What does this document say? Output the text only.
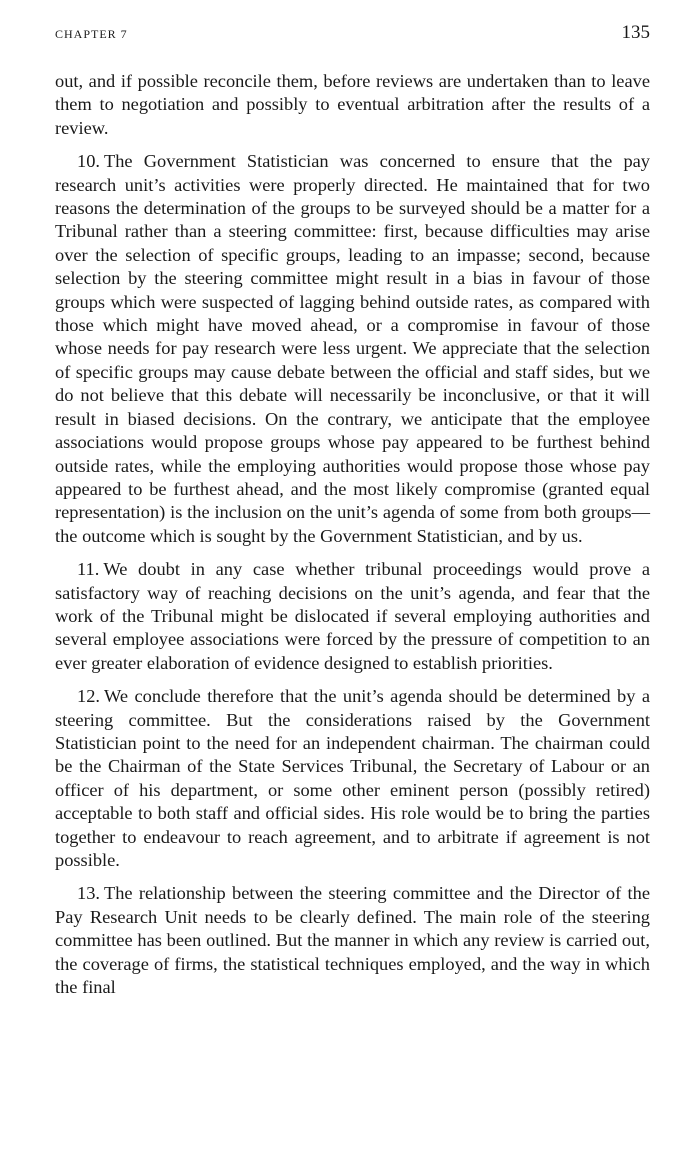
CHAPTER 7	135

out, and if possible reconcile them, before reviews are undertaken than to leave them to negotiation and possibly to eventual arbitration after the results of a review.

10. The Government Statistician was concerned to ensure that the pay research unit’s activities were properly directed. He maintained that for two reasons the determination of the groups to be surveyed should be a matter for a Tribunal rather than a steering committee: first, because difficulties may arise over the selection of specific groups, leading to an impasse; second, because selection by the steering committee might result in a bias in favour of those groups which were suspected of lagging behind outside rates, as compared with those which might have moved ahead, or a compromise in favour of those whose needs for pay research were less urgent. We appreciate that the selection of specific groups may cause debate between the official and staff sides, but we do not believe that this debate will necessarily be inconclusive, or that it will result in biased decisions. On the contrary, we anticipate that the employee associations would propose groups whose pay appeared to be furthest behind outside rates, while the employing authorities would propose those whose pay appeared to be furthest ahead, and the most likely compromise (granted equal representation) is the inclusion on the unit’s agenda of some from both groups—the outcome which is sought by the Government Statistician, and by us.

11. We doubt in any case whether tribunal proceedings would prove a satisfactory way of reaching decisions on the unit’s agenda, and fear that the work of the Tribunal might be dislocated if several employing authorities and several employee associations were forced by the pressure of competition to an ever greater elaboration of evidence designed to establish priorities.

12. We conclude therefore that the unit’s agenda should be determined by a steering committee. But the considerations raised by the Government Statistician point to the need for an independent chairman. The chairman could be the Chairman of the State Services Tribunal, the Secretary of Labour or an officer of his department, or some other eminent person (possibly retired) acceptable to both staff and official sides. His role would be to bring the parties together to endeavour to reach agreement, and to arbitrate if agreement is not possible.

13. The relationship between the steering committee and the Director of the Pay Research Unit needs to be clearly defined. The main role of the steering committee has been outlined. But the manner in which any review is carried out, the coverage of firms, the statistical techniques employed, and the way in which the final
